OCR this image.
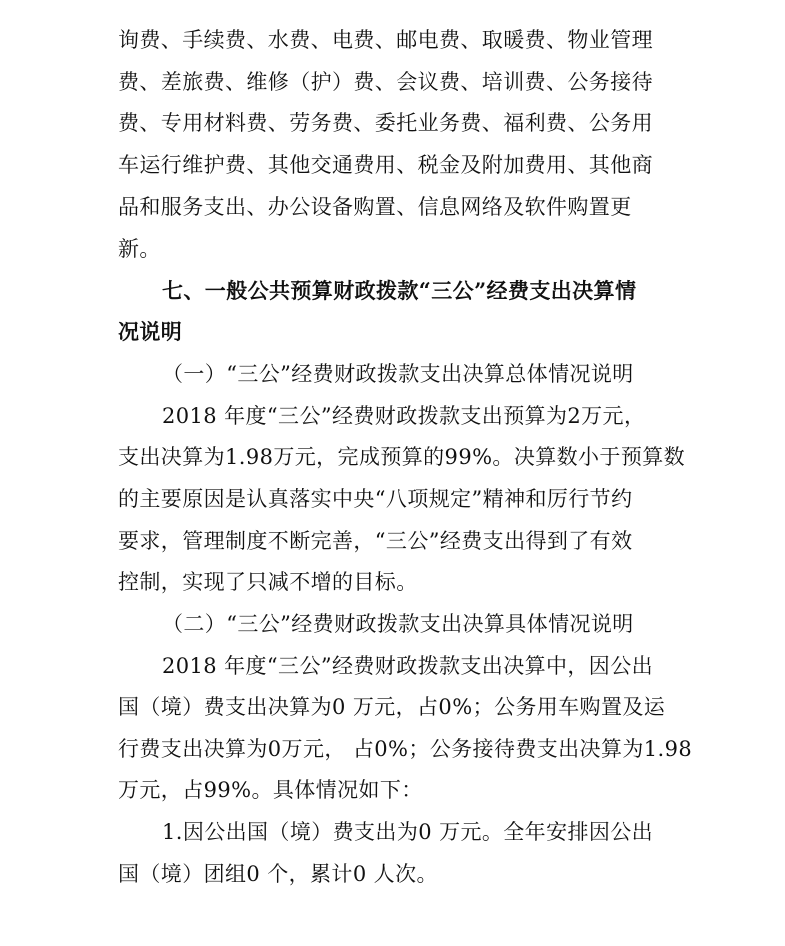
询费、手续费、水费、电费、邮电费、取暖费、物业管理
费、差旅费、维修（护）费、会议费、培训费、公务接待
费、专用材料费、劳务费、委托业务费、福利费、公务用
车运行维护费、其他交通费用、税金及附加费用、其他商
品和服务支出、办公设备购置、信息网络及软件购置更
新。
七、一般公共预算财政拨款“三公”经费支出决算情
况说明
（一）“三公”经费财政拨款支出决算总体情况说明
2018 年度“三公”经费财政拨款支出预算为2万元，
支出决算为1.98万元，完成预算的99%。决算数小于预算数
的主要原因是认真落实中央“八项规定”精神和厉行节约
要求，管理制度不断完善，“三公”经费支出得到了有效
控制，实现了只减不增的目标。
（二）“三公”经费财政拨款支出决算具体情况说明
2018 年度“三公”经费财政拨款支出决算中，因公出
国（境）费支出决算为0 万元，占0%；公务用车购置及运
行费支出决算为0万元， 占0%；公务接待费支出决算为1.98
万元，占99%。具体情况如下：
1.因公出国（境）费支出为0 万元。全年安排因公出
国（境）团组0 个，累计0 人次。
